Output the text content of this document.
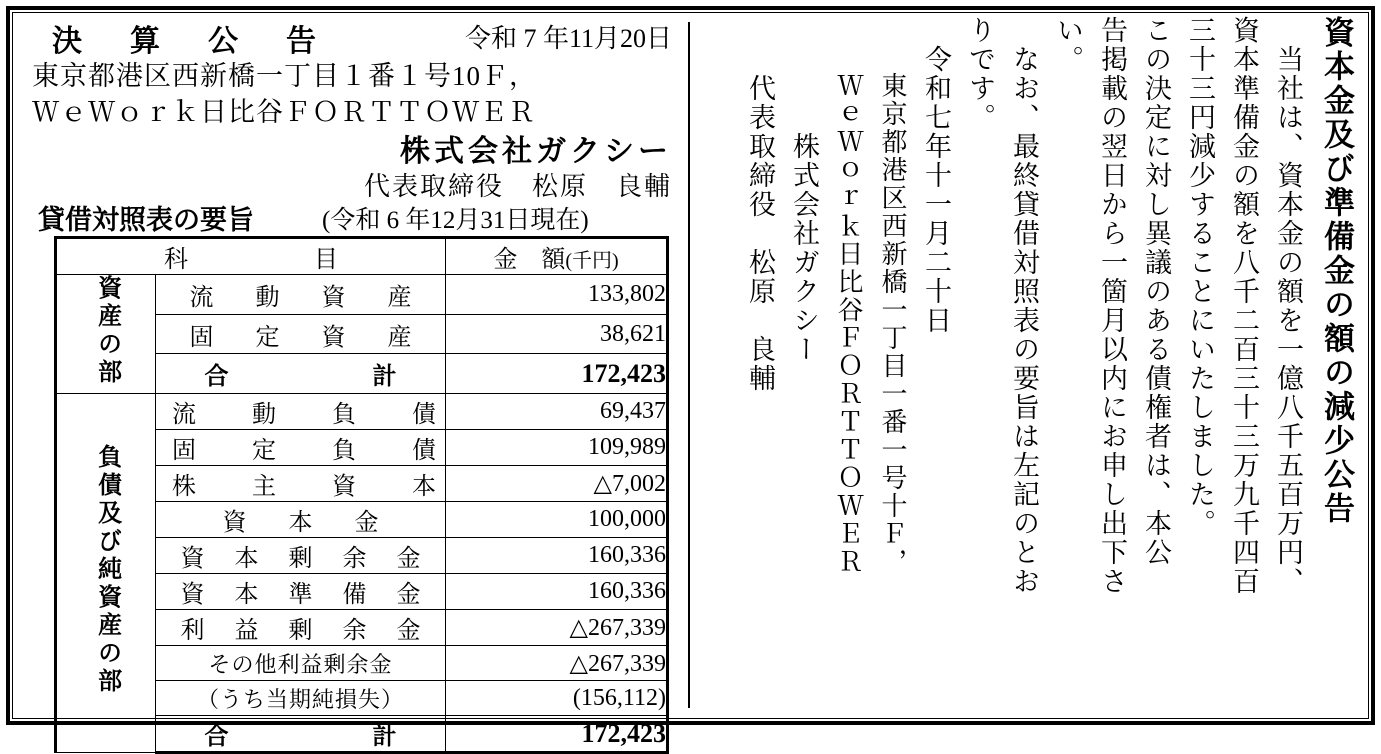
決　算　公　告	令和 7 年11月20日
東京都港区西新橋一丁目１番１号10Ｆ，
ＷｅＷｏｒｋ日比谷ＦＯＲＴＴＯＷＥＲ
株式会社ガクシー
代表取締役　松原　良輔
貸借対照表の要旨	(令和 6 年12月31日現在)
科　　　　目		金　額(千円)
資産の部	流　動　資　産	133,802
	固　定　資　産	38,621
	合　　　計	172,423
負債及び純資産の部	流　動　負　債	69,437
	固　定　負　債	109,989
	株　主　資　本	△7,002
	資　本　金	100,000
	資　本　剰　余　金	160,336
	資　本　準　備　金	160,336
	利　益　剰　余　金	△267,339
	その他利益剰余金	△267,339
	（うち当期純損失）	(156,112)
	合　　　計	172,423
資本金及び準備金の額の減少公告
　当社は、資本金の額を一億八千五百万円、
資本準備金の額を八千二百三十三万九千四百
三十三円減少することにいたしました。
この決定に対し異議のある債権者は、本公
告掲載の翌日から一箇月以内にお申し出下さ
い。
　なお、最終貸借対照表の要旨は左記のとお
りです。
　令和七年十一月二十日
　　東京都港区西新橋一丁目一番一号十Ｆ，
　　ＷｅＷｏｒｋ日比谷ＦＯＲＴＴＯＷＥＲ
　　　　株式会社ガクシー
　　代表取締役　松原　良輔
